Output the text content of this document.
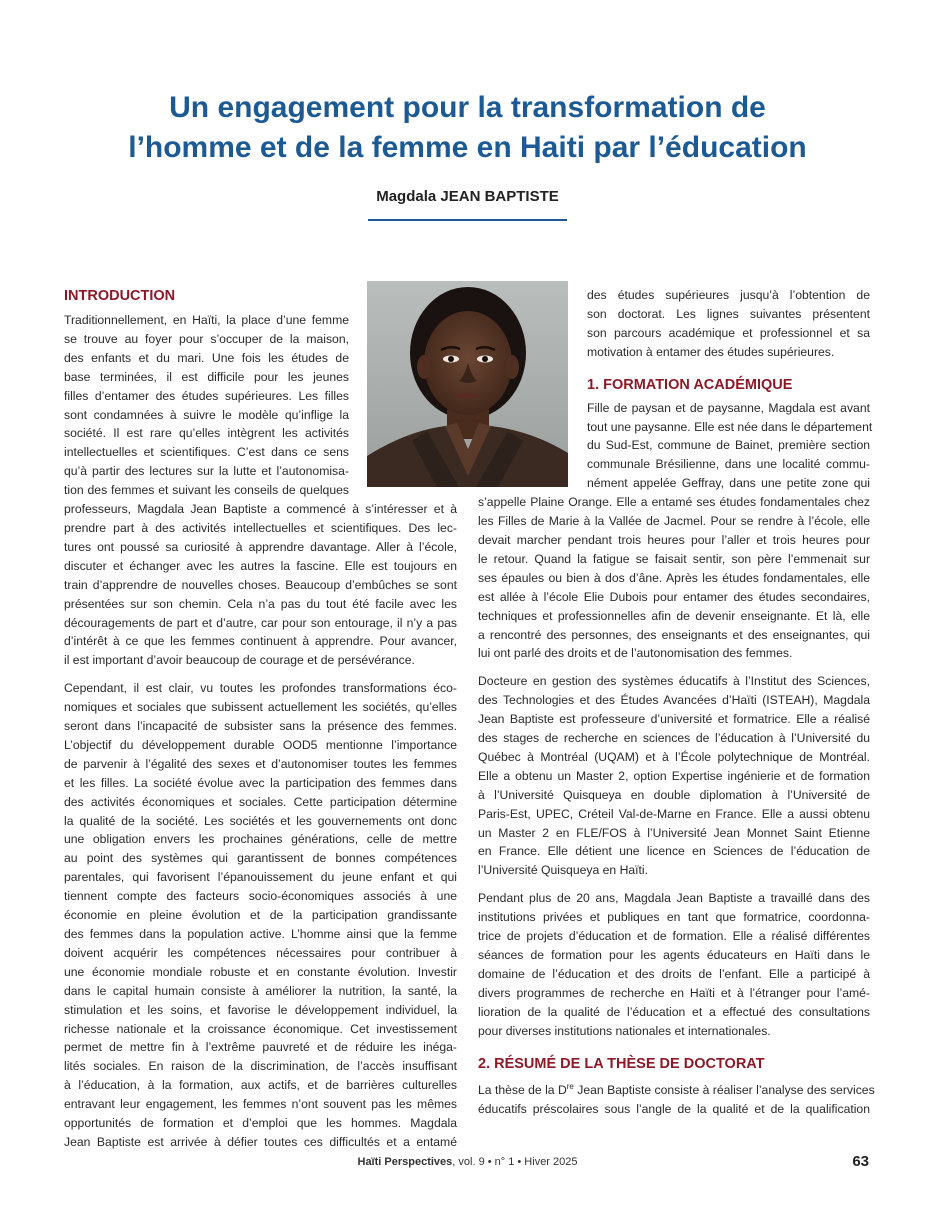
Un engagement pour la transformation de
l’homme et de la femme en Haiti par l’éducation
Magdala JEAN BAPTISTE
INTRODUCTION
Traditionnellement, en Haïti, la place d’une femme
se trouve au foyer pour s’occuper de la maison,
des enfants et du mari. Une fois les études de
base terminées, il est difficile pour les jeunes
filles d’entamer des études supérieures. Les filles
sont condamnées à suivre le modèle qu’inflige la
société. Il est rare qu’elles intègrent les activités
intellectuelles et scientifiques. C’est dans ce sens
qu’à partir des lectures sur la lutte et l’autonomisa-
tion des femmes et suivant les conseils de quelques
professeurs, Magdala Jean Baptiste a commencé à s’intéresser et à
prendre part à des activités intellectuelles et scientifiques. Des lec-
tures ont poussé sa curiosité à apprendre davantage. Aller à l’école,
discuter et échanger avec les autres la fascine. Elle est toujours en
train d’apprendre de nouvelles choses. Beaucoup d’embûches se sont
présentées sur son chemin. Cela n’a pas du tout été facile avec les
découragements de part et d’autre, car pour son entourage, il n’y a pas
d’intérêt à ce que les femmes continuent à apprendre. Pour avancer,
il est important d’avoir beaucoup de courage et de persévérance.
Cependant, il est clair, vu toutes les profondes transformations éco-
nomiques et sociales que subissent actuellement les sociétés, qu’elles
seront dans l’incapacité de subsister sans la présence des femmes.
L’objectif du développement durable OOD5 mentionne l’importance
de parvenir à l’égalité des sexes et d’autonomiser toutes les femmes
et les filles. La société évolue avec la participation des femmes dans
des activités économiques et sociales. Cette participation détermine
la qualité de la société. Les sociétés et les gouvernements ont donc
une obligation envers les prochaines générations, celle de mettre
au point des systèmes qui garantissent de bonnes compétences
parentales, qui favorisent l’épanouissement du jeune enfant et qui
tiennent compte des facteurs socio-économiques associés à une
économie en pleine évolution et de la participation grandissante
des femmes dans la population active. L’homme ainsi que la femme
doivent acquérir les compétences nécessaires pour contribuer à
une économie mondiale robuste et en constante évolution. Investir
dans le capital humain consiste à améliorer la nutrition, la santé, la
stimulation et les soins, et favorise le développement individuel, la
richesse nationale et la croissance économique. Cet investissement
permet de mettre fin à l’extrême pauvreté et de réduire les inéga-
lités sociales. En raison de la discrimination, de l’accès insuffisant
à l’éducation, à la formation, aux actifs, et de barrières culturelles
entravant leur engagement, les femmes n’ont souvent pas les mêmes
opportunités de formation et d’emploi que les hommes. Magdala
Jean Baptiste est arrivée à défier toutes ces difficultés et a entamé
des études supérieures jusqu’à l’obtention de
son doctorat. Les lignes suivantes présentent
son parcours académique et professionnel et sa
motivation à entamer des études supérieures.
1. FORMATION ACADÉMIQUE
Fille de paysan et de paysanne, Magdala est avant
tout une paysanne. Elle est née dans le département
du Sud-Est, commune de Bainet, première section
communale Brésilienne, dans une localité commu-
nément appelée Geffray, dans une petite zone qui
s’appelle Plaine Orange. Elle a entamé ses études fondamentales chez
les Filles de Marie à la Vallée de Jacmel. Pour se rendre à l’école, elle
devait marcher pendant trois heures pour l’aller et trois heures pour
le retour. Quand la fatigue se faisait sentir, son père l’emmenait sur
ses épaules ou bien à dos d’âne. Après les études fondamentales, elle
est allée à l’école Elie Dubois pour entamer des études secondaires,
techniques et professionnelles afin de devenir enseignante. Et là, elle
a rencontré des personnes, des enseignants et des enseignantes, qui
lui ont parlé des droits et de l’autonomisation des femmes.
Docteure en gestion des systèmes éducatifs à l’Institut des Sciences,
des Technologies et des Études Avancées d’Haïti (ISTEAH), Magdala
Jean Baptiste est professeure d’université et formatrice. Elle a réalisé
des stages de recherche en sciences de l’éducation à l’Université du
Québec à Montréal (UQAM) et à l’École polytechnique de Montréal.
Elle a obtenu un Master 2, option Expertise ingénierie et de formation
à l’Université Quisqueya en double diplomation à l’Université de
Paris-Est, UPEC, Créteil Val-de-Marne en France. Elle a aussi obtenu
un Master 2 en FLE/FOS à l’Université Jean Monnet Saint Etienne
en France. Elle détient une licence en Sciences de l’éducation de
l’Université Quisqueya en Haïti.
Pendant plus de 20 ans, Magdala Jean Baptiste a travaillé dans des
institutions privées et publiques en tant que formatrice, coordonna-
trice de projets d’éducation et de formation. Elle a réalisé différentes
séances de formation pour les agents éducateurs en Haïti dans le
domaine de l’éducation et des droits de l’enfant. Elle a participé à
divers programmes de recherche en Haïti et à l’étranger pour l’amé-
lioration de la qualité de l’éducation et a effectué des consultations
pour diverses institutions nationales et internationales.
2. RÉSUMÉ DE LA THÈSE DE DOCTORAT
La thèse de la Dre Jean Baptiste consiste à réaliser l’analyse des services
éducatifs préscolaires sous l’angle de la qualité et de la qualification
Haïti Perspectives, vol. 9 • n° 1 • Hiver 2025	63
